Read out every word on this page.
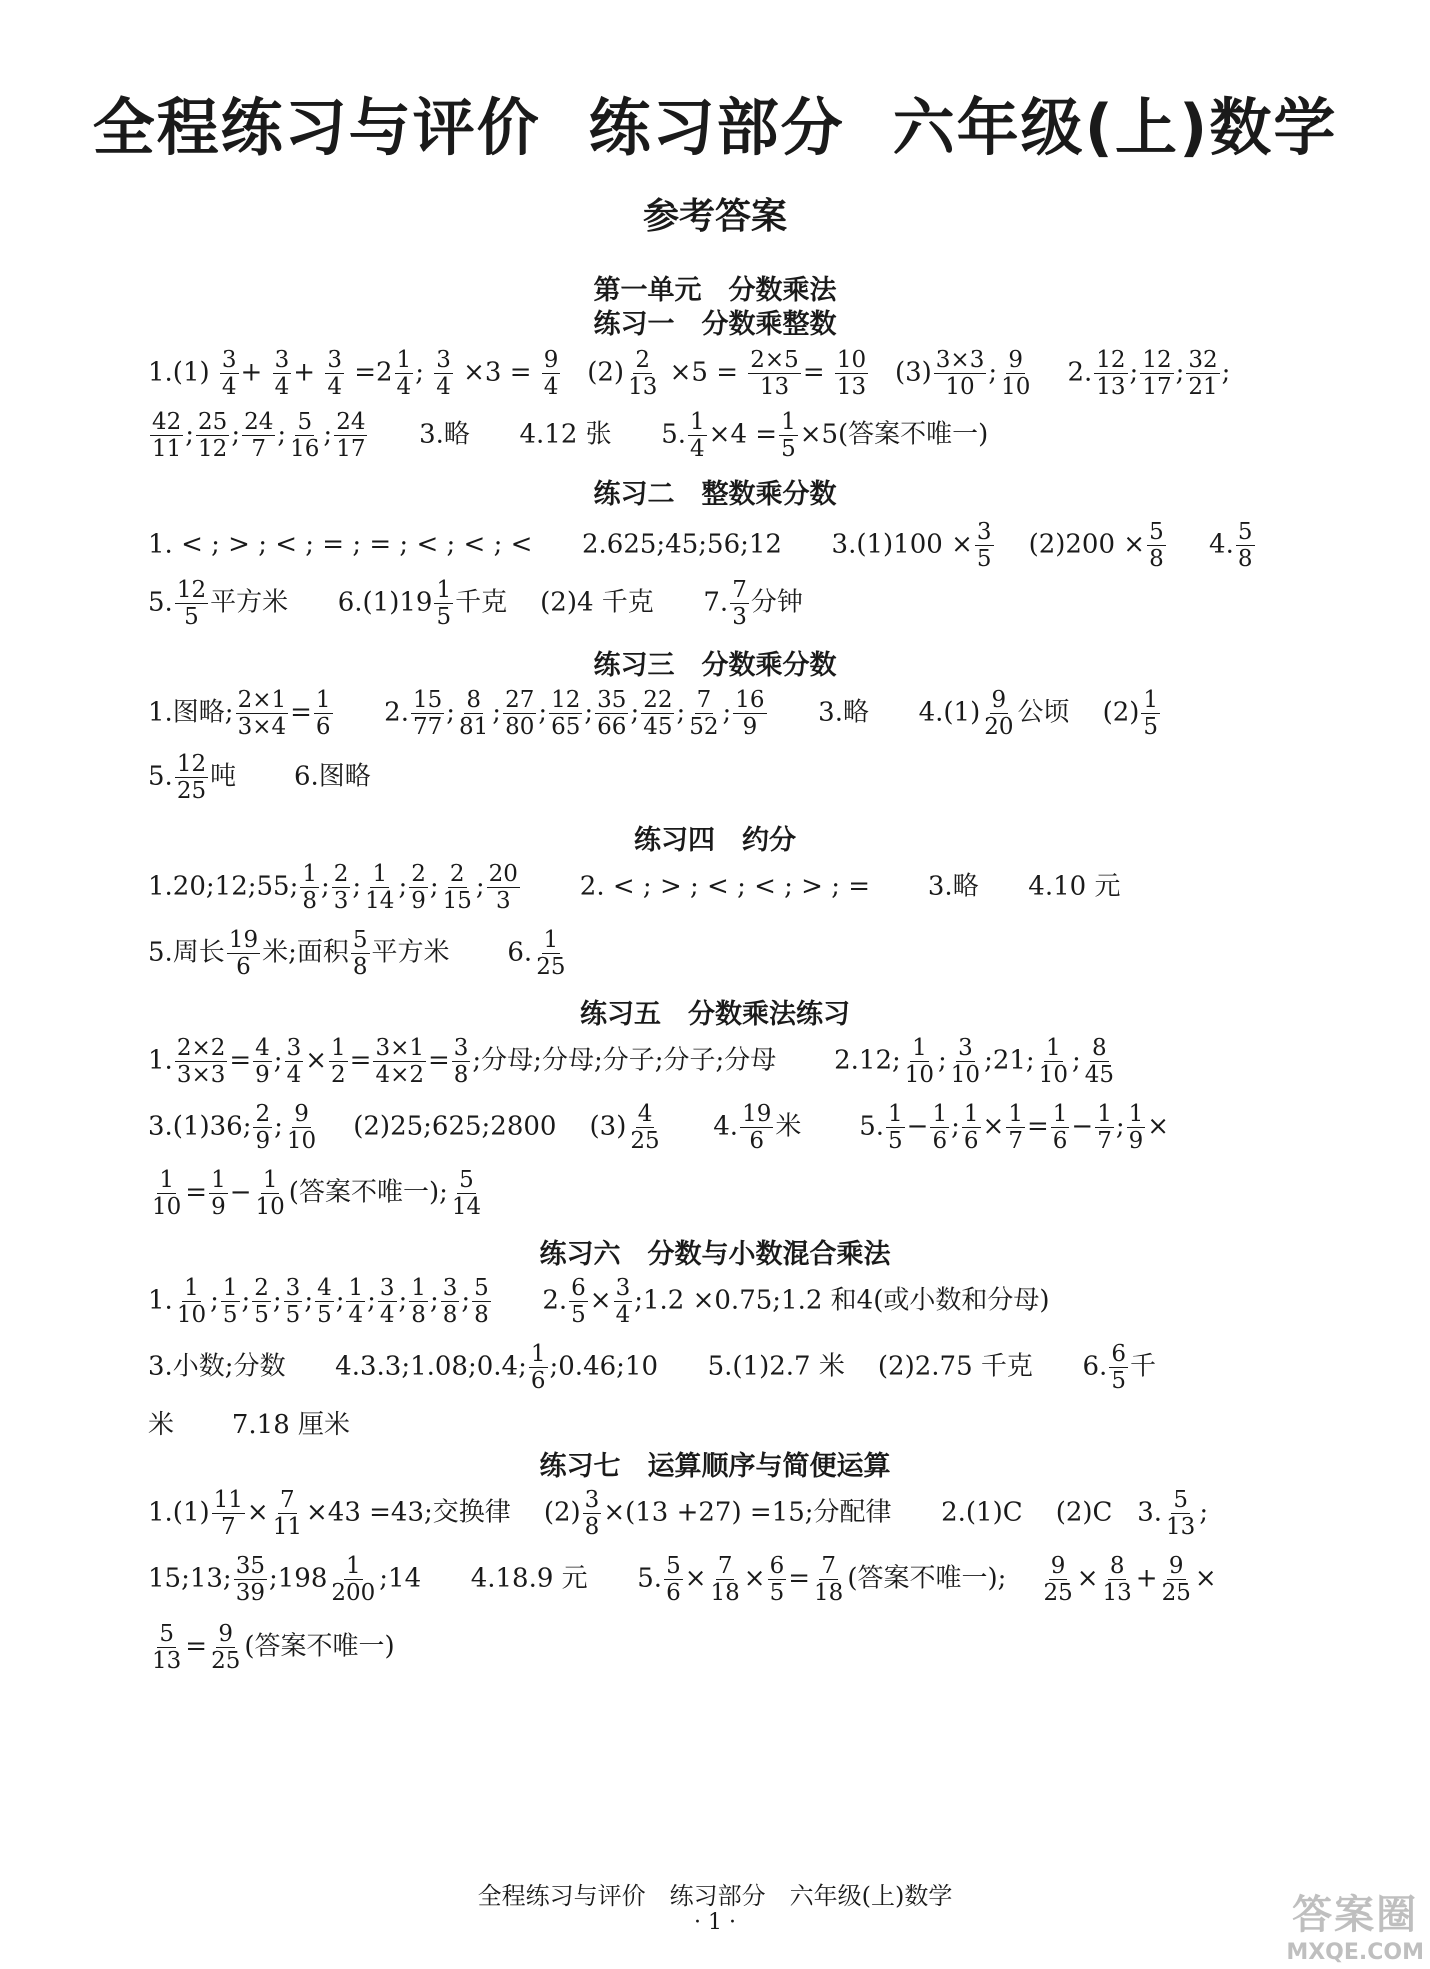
全程练习与评价 练习部分 六年级(上)数学
参考答案
第一单元　分数乘法
练习一　分数乘整数
$1.(1) \frac{3}{4} + \frac{3}{4} + \frac{3}{4} =2 \frac{1}{4}$ ; $\frac{3}{4} \times 3 = \frac{9}{4} (2) \frac{2}{13} \times 5 = \frac{2\times 5}{13} = \frac{10}{13} (3) \frac{3\times 3}{10}$ ; $\frac{9}{10} 2$. $\frac{12}{13}$ ; $\frac{12}{17}$ ; $\frac{32}{21}$ ;
$\frac{42}{11}$ ; $\frac{25}{12}$ ; $\frac{24}{7}$ ; $\frac{5}{16}$ ; $\frac{24}{17} 3$.略 4.12 张 5. $\frac{1}{4} \times 4 = \frac{1}{5} \times 5$(答案不唯一)
练习二　整数乘分数
1. < ; > ; < ; = ; = ; < ; < ; < 2.625;45;56;12 $3.(1)100 \times \frac{3}{5} (2)200 \times \frac{5}{8} 4$. $\frac{5}{8}$
5. $\frac{12}{5}$ 平方米 $6.(1)19 \frac{1}{5}$ 千克 (2)4 千克 7. $\frac{7}{3}$ 分钟
练习三　分数乘分数
1.图略; $\frac{2\times 1}{3\times 4} = \frac{1}{6} 2$. $\frac{15}{77}$ ; $\frac{8}{81}$ ; $\frac{27}{80}$ ; $\frac{12}{65}$ ; $\frac{35}{66}$ ; $\frac{22}{45}$ ; $\frac{7}{52}$ ; $\frac{16}{9} 3$.略 $4.(1) \frac{9}{20}$ 公顷 $(2) \frac{1}{5}$
5. $\frac{12}{25}$ 吨 6.图略
练习四　约分
1.20;12;55; $\frac{1}{8}$ ; $\frac{2}{3}$ ; $\frac{1}{14}$ ; $\frac{2}{9}$ ; $\frac{2}{15}$ ; $\frac{20}{3} 2$. < ; > ; < ; < ; > ; = 3.略 4.10 元
5.周长 $\frac{19}{6}$ 米;面积 $\frac{5}{8}$ 平方米 6. $\frac{1}{25}$
练习五　分数乘法练习
1. $\frac{2\times 2}{3\times 3} = \frac{4}{9}$ ; $\frac{3}{4} \times \frac{1}{2} = \frac{3\times 1}{4\times 2} = \frac{3}{8}$ ;分母;分母;分子;分子;分母 2.12; $\frac{1}{10}$ ; $\frac{3}{10}$ ;21; $\frac{1}{10}$ ; $\frac{8}{45}$
3.(1)36; $\frac{2}{9}$ ; $\frac{9}{10}$ (2)25;625;2800 $(3) \frac{4}{25} 4$. $\frac{19}{6}$ 米 5. $\frac{1}{5} - \frac{1}{6}$ ; $\frac{1}{6} \times \frac{1}{7} = \frac{1}{6} - \frac{1}{7}$ ; $\frac{1}{9}$ ×
$\frac{1}{10} = \frac{1}{9} - \frac{1}{10}$ (答案不唯一); $\frac{5}{14}$
练习六　分数与小数混合乘法
1. $\frac{1}{10}$ ; $\frac{1}{5}$ ; $\frac{2}{5}$ ; $\frac{3}{5}$ ; $\frac{4}{5}$ ; $\frac{1}{4}$ ; $\frac{3}{4}$ ; $\frac{1}{8}$ ; $\frac{3}{8}$ ; $\frac{5}{8} 2$. $\frac{6}{5} \times \frac{3}{4}$ ;1.2 ×0.75;1.2 和4(或小数和分母)
3.小数;分数 4.3.3;1.08;0.4; $\frac{1}{6}$ ;0.46;10 5.(1)2.7 米 (2)2.75 千克 6. $\frac{6}{5}$ 千
米 7.18 厘米
练习七　运算顺序与简便运算
$1.(1) \frac{11}{7} \times \frac{7}{11} \times 43 =43$;交换律 $(2) \frac{3}{8} \times(13 +27) =15$;分配律 2.(1)C (2)C 3. $\frac{5}{13}$ ;
15;13; $\frac{35}{39}$ ;198 $\frac{1}{200}$ ;14 4.18.9 元 5. $\frac{5}{6} \times \frac{7}{18} \times \frac{6}{5} = \frac{7}{18}$ (答案不唯一); $\frac{9}{25} \times \frac{8}{13} + \frac{9}{25}$ ×
$\frac{5}{13} = \frac{9}{25}$ (答案不唯一)
全程练习与评价　练习部分　六年级(上)数学
· 1 ·	答案圈
MXQE.COM
